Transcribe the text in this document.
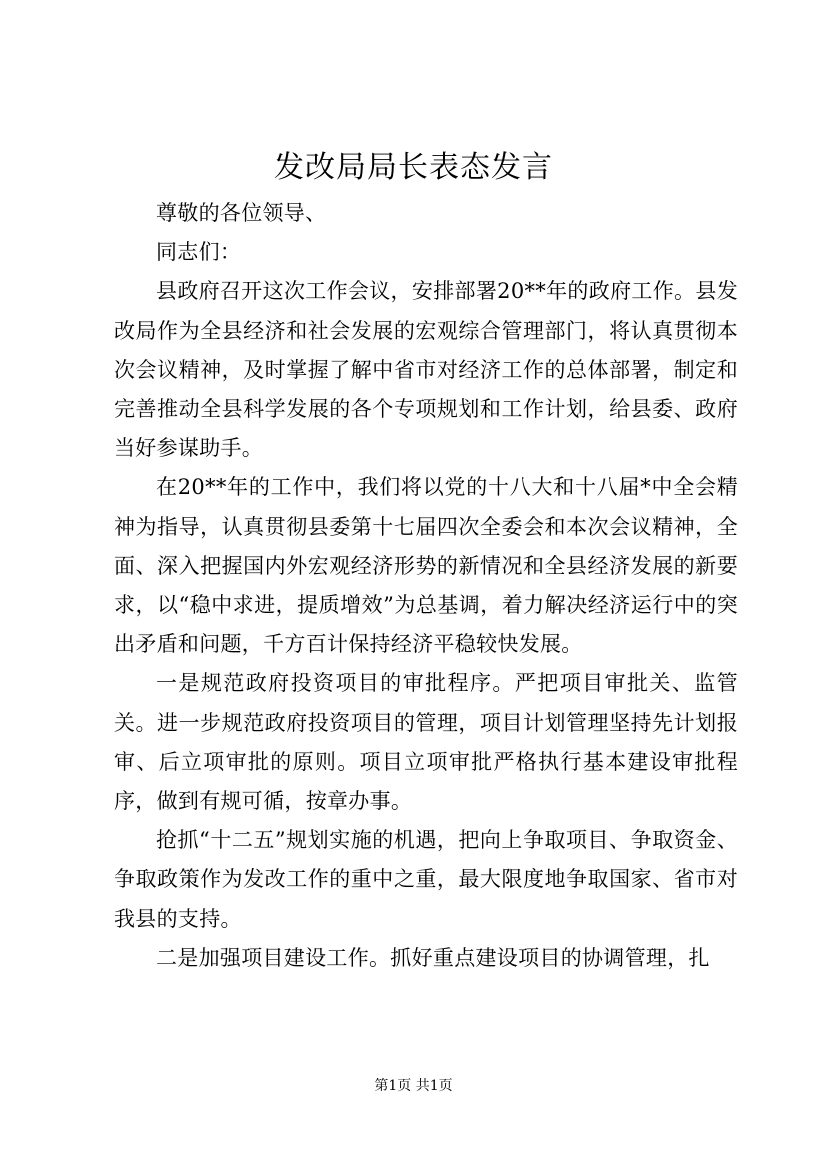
发改局局长表态发言

尊敬的各位领导、

同志们：

县政府召开这次工作会议，安排部署20**年的政府工作。县发改局作为全县经济和社会发展的宏观综合管理部门，将认真贯彻本次会议精神，及时掌握了解中省市对经济工作的总体部署，制定和完善推动全县科学发展的各个专项规划和工作计划，给县委、政府当好参谋助手。

在20**年的工作中，我们将以党的十八大和十八届*中全会精神为指导，认真贯彻县委第十七届四次全委会和本次会议精神，全面、深入把握国内外宏观经济形势的新情况和全县经济发展的新要求，以“稳中求进，提质增效”为总基调，着力解决经济运行中的突出矛盾和问题，千方百计保持经济平稳较快发展。

一是规范政府投资项目的审批程序。严把项目审批关、监管关。进一步规范政府投资项目的管理，项目计划管理坚持先计划报审、后立项审批的原则。项目立项审批严格执行基本建设审批程序，做到有规可循，按章办事。

抢抓“十二五”规划实施的机遇，把向上争取项目、争取资金、争取政策作为发改工作的重中之重，最大限度地争取国家、省市对我县的支持。

二是加强项目建设工作。抓好重点建设项目的协调管理，扎

第1页 共1页
